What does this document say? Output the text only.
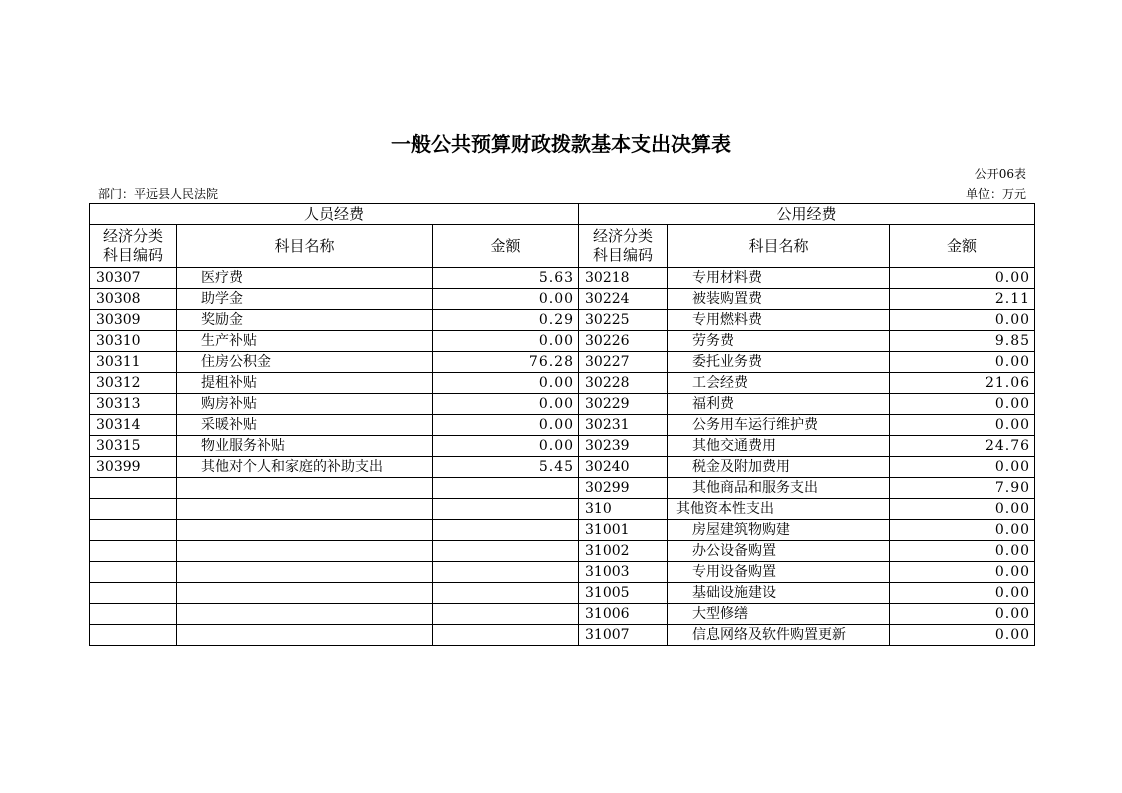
一般公共预算财政拨款基本支出决算表
公开06表
部门：平远县人民法院	单位：万元
人员经费			公用经费		
经济分类科目编码	科目名称	金额	经济分类科目编码	科目名称	金额
30307	医疗费	5.63	30218	专用材料费	0.00
30308	助学金	0.00	30224	被装购置费	2.11
30309	奖励金	0.29	30225	专用燃料费	0.00
30310	生产补贴	0.00	30226	劳务费	9.85
30311	住房公积金	76.28	30227	委托业务费	0.00
30312	提租补贴	0.00	30228	工会经费	21.06
30313	购房补贴	0.00	30229	福利费	0.00
30314	采暖补贴	0.00	30231	公务用车运行维护费	0.00
30315	物业服务补贴	0.00	30239	其他交通费用	24.76
30399	其他对个人和家庭的补助支出	5.45	30240	税金及附加费用	0.00
			30299	其他商品和服务支出	7.90
			310	其他资本性支出	0.00
			31001	房屋建筑物购建	0.00
			31002	办公设备购置	0.00
			31003	专用设备购置	0.00
			31005	基础设施建设	0.00
			31006	大型修缮	0.00
			31007	信息网络及软件购置更新	0.00
